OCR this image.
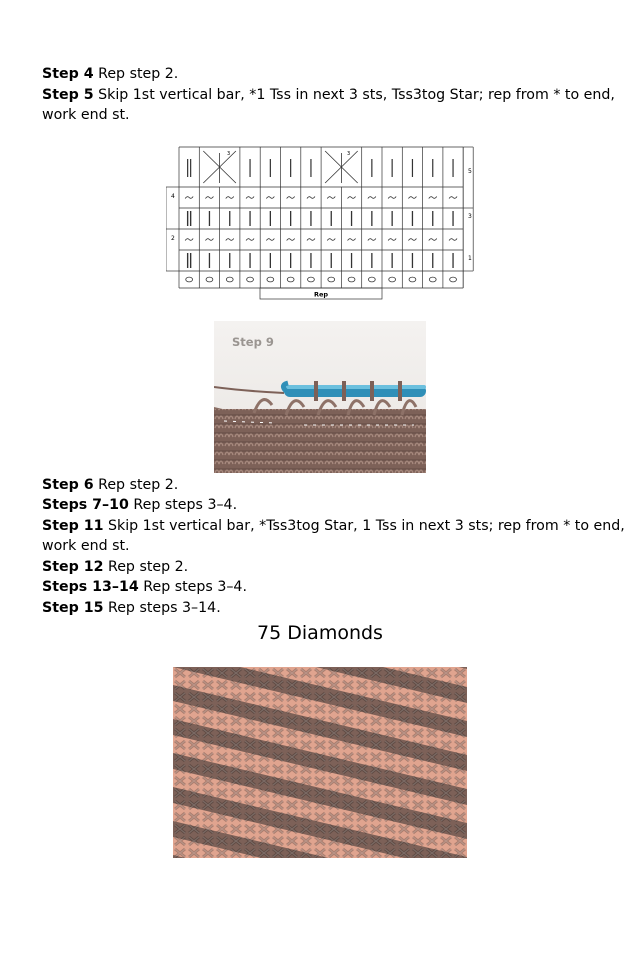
Step 4 Rep step 2.
Step 5 Skip 1st vertical bar, *1 Tss in next 3 sts, Tss3tog Star; rep from * to end,
work end st.
5
3
1
4
2
3	3
Rep
Step 9
Step 6 Rep step 2.
Steps 7–10 Rep steps 3–4.
Step 11 Skip 1st vertical bar, *Tss3tog Star, 1 Tss in next 3 sts; rep from * to end,
work end st.
Step 12 Rep step 2.
Steps 13–14 Rep steps 3–4.
Step 15 Rep steps 3–14.
75 Diamonds
